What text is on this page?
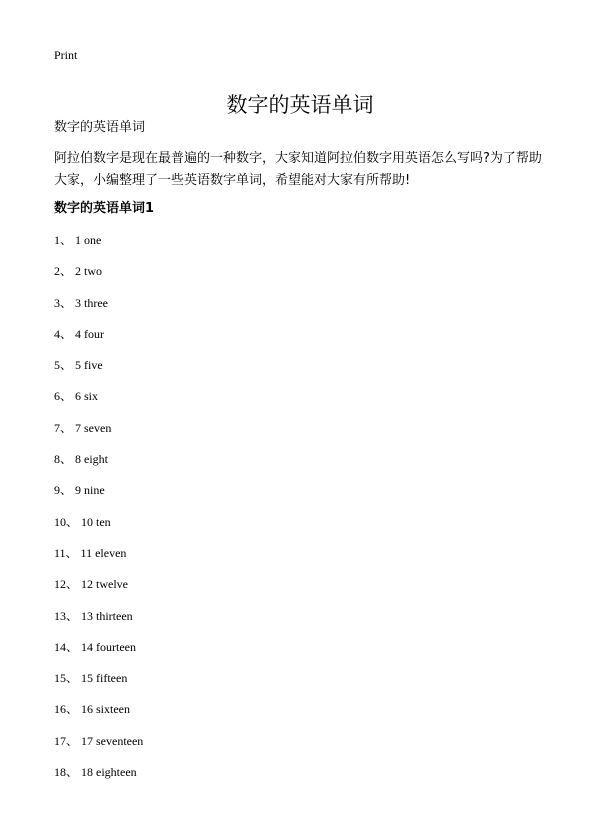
Print
数字的英语单词
数字的英语单词

阿拉伯数字是现在最普遍的一种数字，大家知道阿拉伯数字用英语怎么写吗?为了帮助大家，小编整理了一些英语数字单词，希望能对大家有所帮助!

数字的英语单词1
1、 1 one
2、 2 two
3、 3 three
4、 4 four
5、 5 five
6、 6 six
7、 7 seven
8、 8 eight
9、 9 nine
10、 10 ten
11、 11 eleven
12、 12 twelve
13、 13 thirteen
14、 14 fourteen
15、 15 fifteen
16、 16 sixteen
17、 17 seventeen
18、 18 eighteen
